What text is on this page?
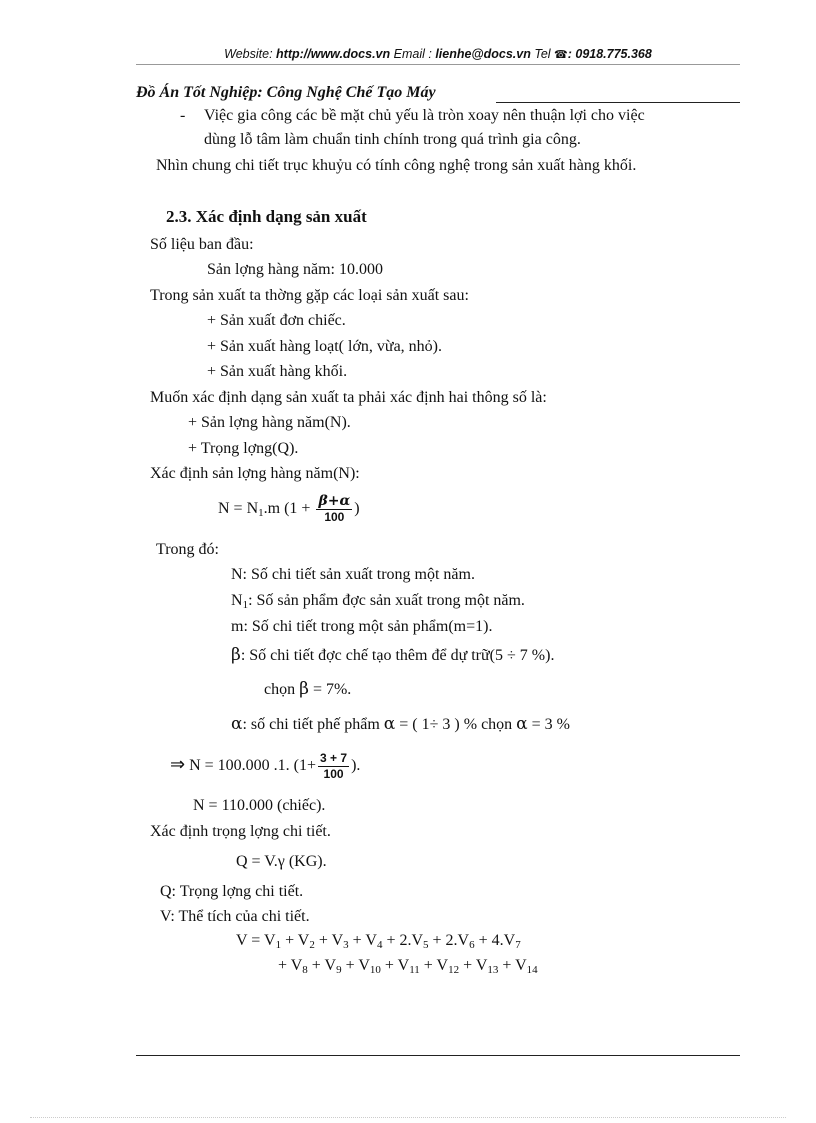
Website: http://www.docs.vn Email : lienhe@docs.vn Tel ☎: 0918.775.368
Đồ Án Tốt Nghiệp: Công Nghệ Chế Tạo Máy
- Việc gia công các bề mặt chủ yếu là tròn xoay nên thuận lợi cho việc
dùng lỗ tâm làm chuẩn tinh chính trong quá trình gia công.
Nhìn chung chi tiết trục khuỷu có tính công nghệ trong sản xuất hàng khối.
2.3. Xác định dạng sản xuất
Số liệu ban đầu:
Sản lợng hàng năm: 10.000
Trong sản xuất ta thờng gặp các loại sản xuất sau:
+ Sản xuất đơn chiếc.
+ Sản xuất hàng loạt( lớn, vừa, nhỏ).
+ Sản xuất hàng khối.
Muốn xác định dạng sản xuất ta phải xác định hai thông số là:
+ Sản lợng hàng năm(N).
+ Trọng lợng(Q).
Xác định sản lợng hàng năm(N):
$N = N_1.m$ ($1 + \frac{\beta+\alpha}{100}$ )
Trong đó:
N: Số chi tiết sản xuất trong một năm.
$N_1$: Số sản phẩm đợc sản xuất trong một năm.
m: Số chi tiết trong một sản phẩm(m=1).
β: Số chi tiết đợc chế tạo thêm để dự trữ(5 ÷ 7 %).
chọn β = 7%.
α: số chi tiết phế phẩm α = ( 1÷ 3 ) % chọn α = 3 %
⇒ N = 100.000 .1. ($1+ \frac{3 + 7}{100}$ ).
N = 110.000 (chiếc).
Xác định trọng lợng chi tiết.
Q = V.γ (KG).
Q: Trọng lợng chi tiết.
V: Thể tích của chi tiết.
$V = V_1 + V_2 + V_3 + V_4 + 2.V_5 + 2.V_6 + 4.V_7$
+ $V_8 + V_9 + V_{10} + V_{11} + V_{12} + V_{13} + V_{14}$
